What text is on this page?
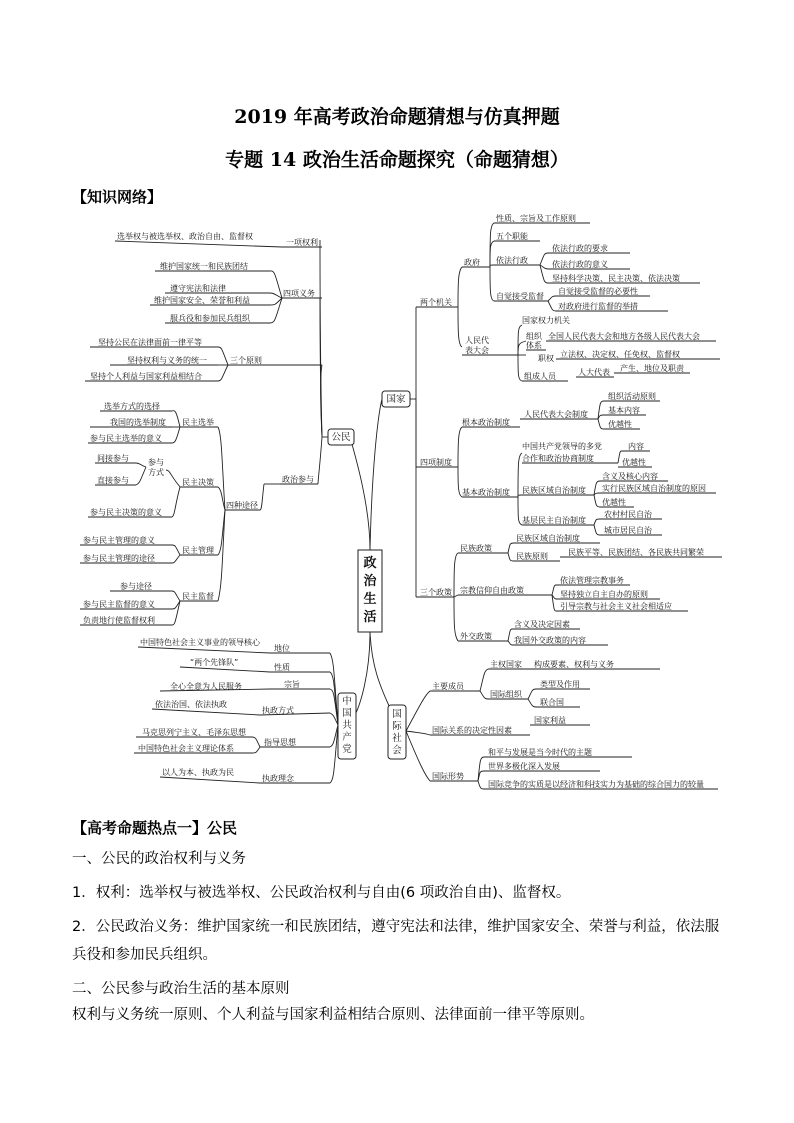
2019 年高考政治命题猜想与仿真押题
专题 14 政治生活命题探究（命题猜想）
【知识网络】
政
治
生
活
公民
一项权利
选举权与被选举权、政治自由、监督权
四项义务
维护国家统一和民族团结
遵守宪法和法律
维护国家安全、荣誉和利益
服兵役和参加民兵组织
三个原则
坚持公民在法律面前一律平等
坚持权利与义务的统一
坚持个人利益与国家利益相结合
政治参与
四种途径
民主选举
选举方式的选择
我国的选举制度
参与民主选举的意义
民主决策
参与
方式
间接参与
直接参与
参与民主决策的意义
民主管理
参与民主管理的意义
参与民主管理的途径
民主监督
参与途径
参与民主监督的意义
负责地行使监督权利
国家
两个机关
政府
性质、宗旨及工作原则
五个职能
依法行政
依法行政的要求
依法行政的意义
坚持科学决策、民主决策、依法决策
自觉接受监督
自觉接受监督的必要性
对政府进行监督的举措
人民代
表大会
国家权力机关
组织
体系
全国人民代表大会和地方各级人民代表大会
职权 立法权、决定权、任免权、监督权
组成人员	人大代表 产生、地位及职责
四项制度
根本政治制度
人民代表大会制度
组织活动原则
基本内容
优越性
基本政治制度
中国共产党领导的多党
合作和政治协商制度
内容
优越性
民族区域自治制度
含义及核心内容
实行民族区域自治制度的原因
优越性
基层民主自治制度
农村村民自治
城市居民自治
三个政策
民族政策
民族区域自治制度
民族原则	民族平等、民族团结、各民族共同繁荣
宗教信仰自由政策
依法管理宗教事务
坚持独立自主自办的原则
引导宗教与社会主义社会相适应
外交政策
含义及决定因素
我国外交政策的内容
中
国
共
产
党
地位
中国特色社会主义事业的领导核心
性质
“两个先锋队”
宗旨
全心全意为人民服务
执政方式
依法治国、依法执政
指导思想
马克思列宁主义、毛泽东思想
中国特色社会主义理论体系
执政理念
以人为本、执政为民
国
际
社
会
主要成员
主权国家 构成要素、权利与义务
国际组织
类型及作用
联合国
国际关系的决定性因素
国家利益
国际形势
和平与发展是当今时代的主题
世界多极化深入发展
国际竞争的实质是以经济和科技实力为基础的综合国力的较量
【高考命题热点一】公民
一、公民的政治权利与义务
1．权利：选举权与被选举权、公民政治权利与自由(6 项政治自由)、监督权。
2．公民政治义务：维护国家统一和民族团结，遵守宪法和法律，维护国家安全、荣誉与利益，依法服兵役和参加民兵组织。
二、公民参与政治生活的基本原则
权利与义务统一原则、个人利益与国家利益相结合原则、法律面前一律平等原则。
